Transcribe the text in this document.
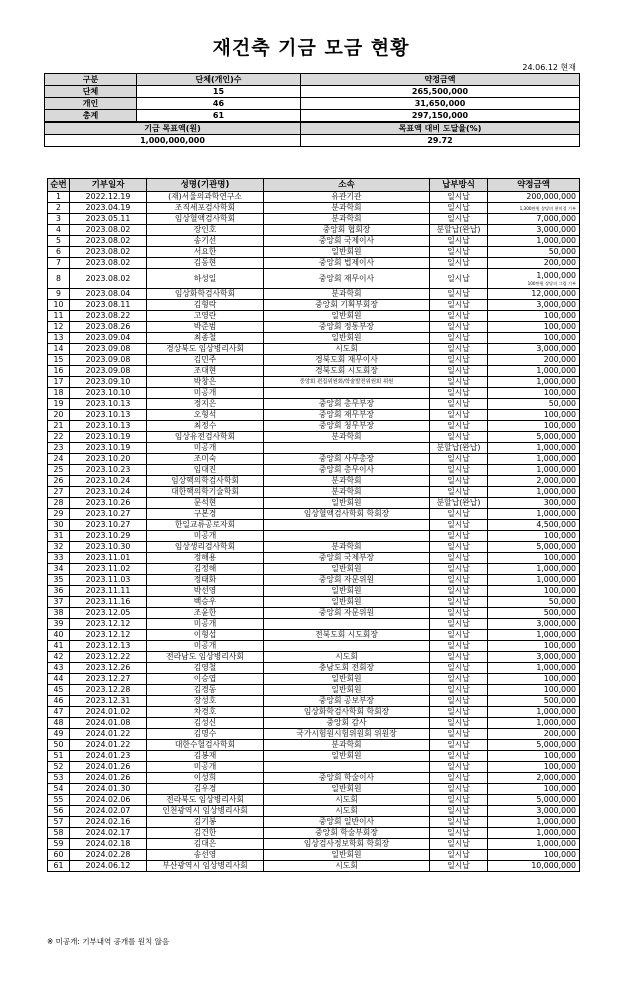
재건축 기금 모금 현황
24.06.12 현재
구분	단체(개인)수	약정금액
단체	15	265,500,000
개인	46	31,650,000
총계	61	297,150,000
기금 목표액(원)		목표액 대비 도달율(%)
1,000,000,000		29.72
순번	기부일자	성명(기관명)	소속	납부방식	약정금액
1	2022.12.19	(재)서울의과학연구소	유관기관	일시납	200,000,000

2	2023.04.19	조직세포검사학회	분과학회	일시납	1,300만원 상당의 현미경 기부

3	2023.05.11	임상혈액검사학회	분과학회	일시납	7,000,000

4	2023.08.02	장인호	중앙회 협회장	분할납(완납)	3,000,000

5	2023.08.02	송기선	중앙회 국제이사	일시납	1,000,000

6	2023.08.02	서요한	일반회원	일시납	50,000

7	2023.08.02	김동현	중앙회 법제이사	일시납	200,000

8	2023.08.02	하성일	중앙회 재무이사	일시납	1,000,000
100만원 상당의 그림 기부

9	2023.08.04	임상화학검사학회	분과학회	일시납	12,000,000

10	2023.08.11	김형락	중앙회 기획부회장	일시납	3,000,000

11	2023.08.22	고영란	일반회원	일시납	100,000

12	2023.08.26	박준범	중앙회 정통부장	일시납	100,000

13	2023.09.04	최종철	일반회원	일시납	100,000

14	2023.09.08	경상북도 임상병리사회	시도회	일시납	3,000,000

15	2023.09.08	김민주	경북도회 재무이사	일시납	200,000

16	2023.09.08	조대현	경북도회 시도회장	일시납	1,000,000

17	2023.09.10	박창은	중앙회 편집위원회/학술발전위원회 위원	일시납	1,000,000

18	2023.10.10	미공개		일시납	100,000

19	2023.10.13	정지은	중앙회 총무부장	일시납	50,000

20	2023.10.13	오형석	중앙회 재무부장	일시납	100,000

21	2023.10.13	최정수	중앙회 청무부장	일시납	100,000

22	2023.10.19	임상유전검사학회	분과학회	일시납	5,000,000

23	2023.10.19	미공개		분할납(완납)	1,000,000

24	2023.10.20	조미숙	중앙회 사무총장	일시납	1,000,000

25	2023.10.23	임대진	중앙회 총무이사	일시납	1,000,000

26	2023.10.24	임상핵의학검사학회	분과학회	일시납	2,000,000

27	2023.10.24	대한핵의학기술학회	분과학회	일시납	1,000,000

28	2023.10.26	문석현	일반회원	분할납(완납)	300,000

29	2023.10.27	구본경	임상혈액검사학회 학회장	일시납	1,000,000

30	2023.10.27	한일교류공로자회		일시납	4,500,000

31	2023.10.29	미공개		일시납	100,000

32	2023.10.30	임상생리검사학회	분과학회	일시납	5,000,000

33	2023.11.01	정해용	중앙회 국제부장	일시납	100,000

34	2023.11.02	김정해	일반회원	일시납	1,000,000

35	2023.11.03	정태화	중앙회 자문위원	일시납	1,000,000

36	2023.11.11	박선영	일반회원	일시납	100,000

37	2023.11.16	백승우	일반회원	일시납	50,000

38	2023.12.05	조윤한	중앙회 자문위원	일시납	500,000

39	2023.12.12	미공개		일시납	3,000,000

40	2023.12.12	이형섭	전북도회 시도회장	일시납	1,000,000

41	2023.12.13	미공개		일시납	100,000

42	2023.12.22	전라남도 임상병리사회	시도회	일시납	3,000,000

43	2023.12.26	김영철	충남도회 전회장	일시납	1,000,000

44	2023.12.27	이승엽	일반회원	일시납	100,000

45	2023.12.28	김경동	일반회원	일시납	100,000

46	2023.12.31	장성호	중앙회 공보부장	일시납	500,000

47	2024.01.02	차경호	임상화학검사학회 학회장	일시납	1,000,000

48	2024.01.08	김성신	중앙회 감사	일시납	1,000,000

49	2024.01.22	김명수	국가시험원시험위원회 위원장	일시납	200,000

50	2024.01.22	대한수혈검사학회	분과학회	일시납	5,000,000

51	2024.01.23	김봉재	일반회원	일시납	100,000

52	2024.01.26	미공개		일시납	100,000

53	2024.01.26	이성희	중앙회 학술이사	일시납	2,000,000

54	2024.01.30	김우경	일반회원	일시납	100,000

55	2024.02.06	전라북도 임상병리사회	시도회	일시납	5,000,000

56	2024.02.07	인천광역시 임상병리사회	시도회	일시납	3,000,000

57	2024.02.16	김기봉	중앙회 일반이사	일시납	1,000,000

58	2024.02.17	김건한	중앙회 학술부회장	일시납	1,000,000

59	2024.02.18	김대은	임상검사정보학회 학회장	일시납	1,000,000

60	2024.02.28	송선영	일반회원	일시납	100,000

61	2024.06.12	부산광역시 임상병리사회	시도회	일시납	10,000,000
※ 미공개: 기부내역 공개를 원치 않음
